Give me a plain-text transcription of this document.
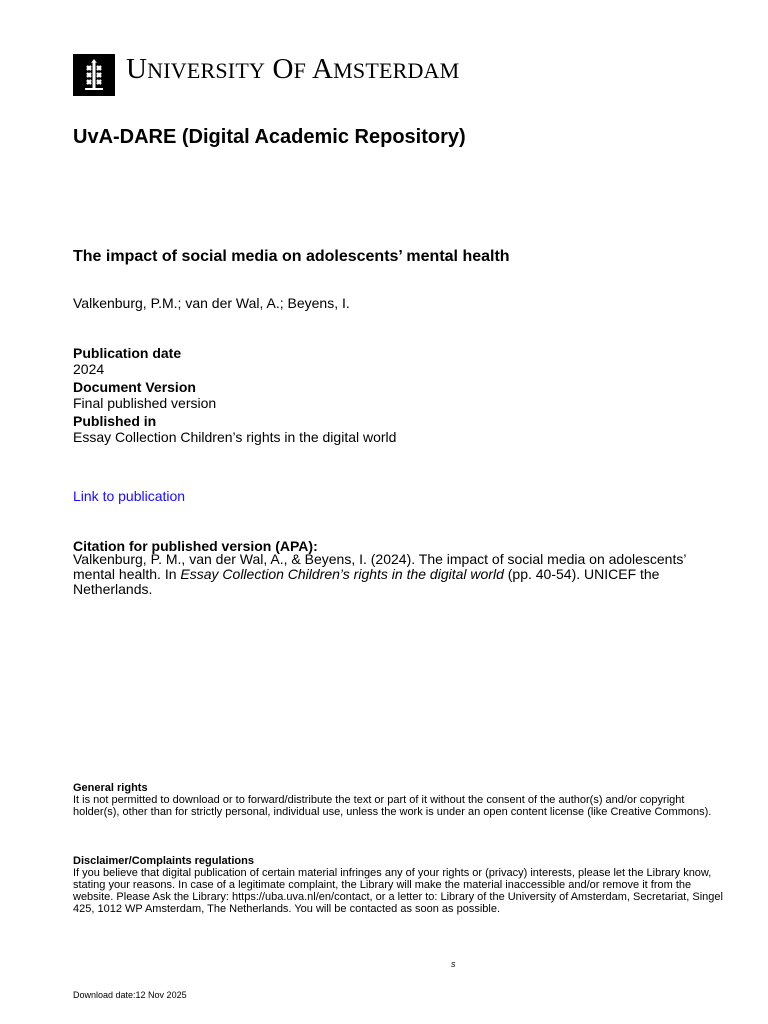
UNIVERSITY OF AMSTERDAM
UvA-DARE (Digital Academic Repository)
The impact of social media on adolescents’ mental health
Valkenburg, P.M.; van der Wal, A.; Beyens, I.
Publication date
2024
Document Version
Final published version
Published in
Essay Collection Children’s rights in the digital world
Link to publication
Citation for published version (APA):
Valkenburg, P. M., van der Wal, A., & Beyens, I. (2024). The impact of social media on adolescents’ mental health. In Essay Collection Children’s rights in the digital world (pp. 40-54). UNICEF the Netherlands.
General rights
It is not permitted to download or to forward/distribute the text or part of it without the consent of the author(s) and/or copyright holder(s), other than for strictly personal, individual use, unless the work is under an open content license (like Creative Commons).
Disclaimer/Complaints regulations
If you believe that digital publication of certain material infringes any of your rights or (privacy) interests, please let the Library know, stating your reasons. In case of a legitimate complaint, the Library will make the material inaccessible and/or remove it from the website. Please Ask the Library: https://uba.uva.nl/en/contact, or a letter to: Library of the University of Amsterdam, Secretariat, Singel 425, 1012 WP Amsterdam, The Netherlands. You will be contacted as soon as possible.
s
Download date:12 Nov 2025
